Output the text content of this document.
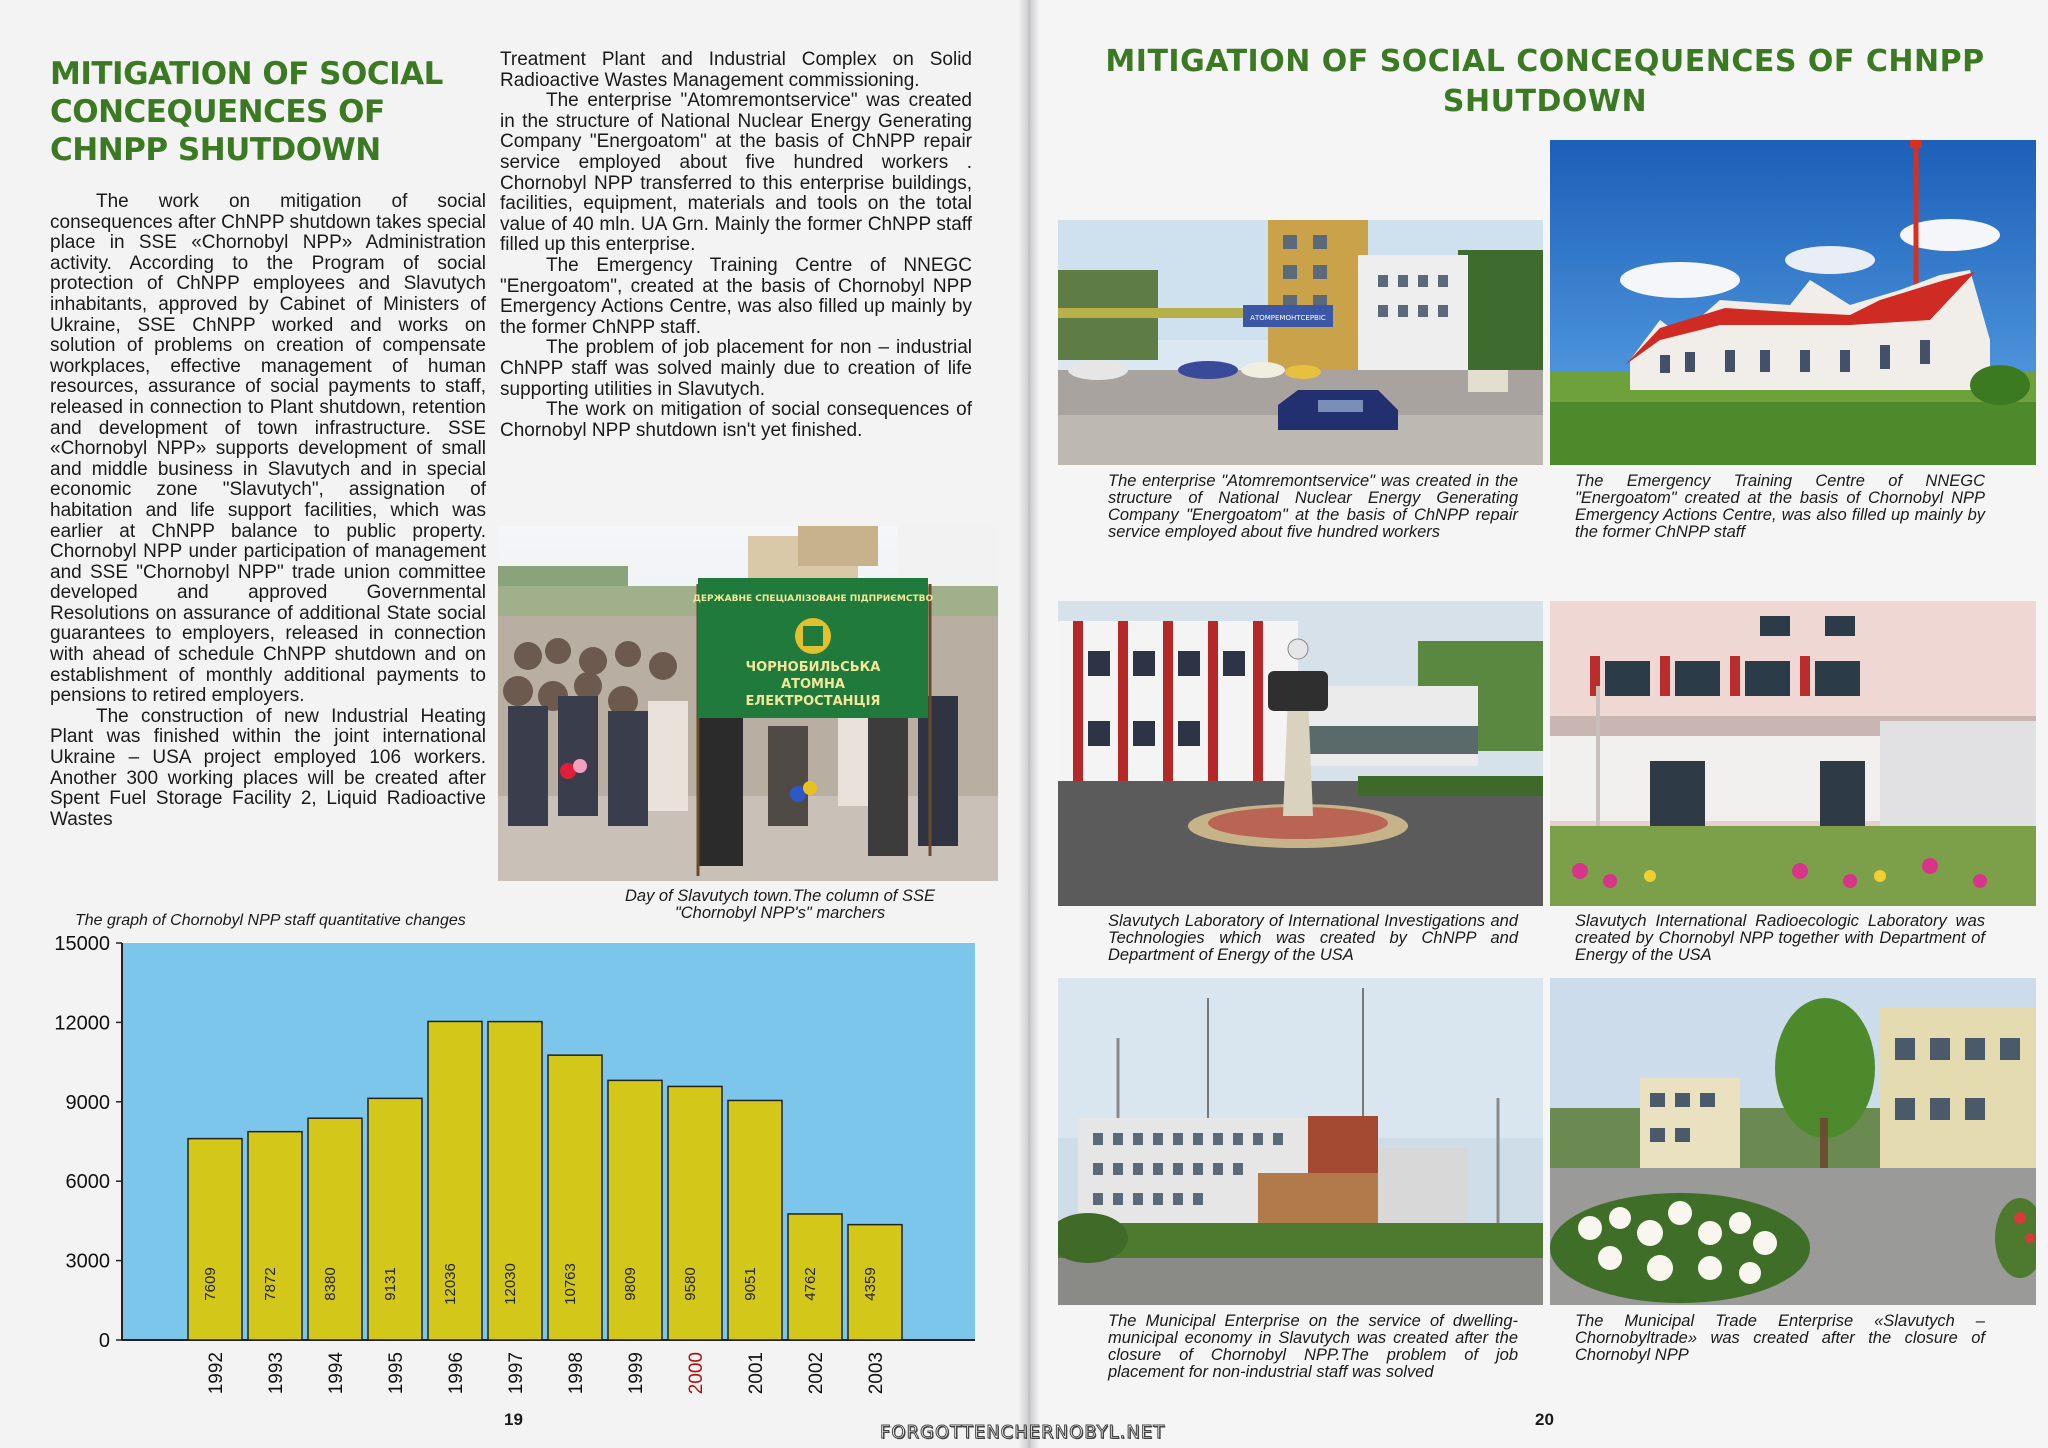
MITIGATION OF SOCIAL CONCEQUENCES OF CHNPP SHUTDOWN

The work on mitigation of social consequences after ChNPP shutdown takes special place in SSE «Chornobyl NPP» Administration activity. According to the Program of social protection of ChNPP employees and Slavutych inhabitants, approved by Cabinet of Ministers of Ukraine, SSE ChNPP worked and works on solution of problems on creation of compensate workplaces, effective management of human resources, assurance of social payments to staff, released in connection to Plant shutdown, retention and development of town infrastructure. SSE «Chornobyl NPP» supports development of small and middle business in Slavutych and in special economic zone "Slavutych", assignation of habitation and life support facilities, which was earlier at ChNPP balance to public property. Chornobyl NPP under participation of management and SSE "Chornobyl NPP" trade union committee developed and approved Governmental Resolutions on assurance of additional State social guarantees to employers, released in connection with ahead of schedule ChNPP shutdown and on establishment of monthly additional payments to pensions to retired employers.

The construction of new Industrial Heating Plant was finished within the joint international Ukraine – USA project employed 106 workers. Another 300 working places will be created after Spent Fuel Storage Facility 2, Liquid Radioactive Wastes

Treatment Plant and Industrial Complex on Solid Radioactive Wastes Management commissioning.

The enterprise "Atomremontservice" was created in the structure of National Nuclear Energy Generating Company "Energoatom" at the basis of ChNPP repair service employed about five hundred workers . Chornobyl NPP transferred to this enterprise buildings, facilities, equipment, materials and tools on the total value of 40 mln. UA Grn. Mainly the former ChNPP staff filled up this enterprise.

The Emergency Training Centre of NNEGC "Energoatom", created at the basis of Chornobyl NPP Emergency Actions Centre, was also filled up mainly by the former ChNPP staff.

The problem of job placement for non – industrial ChNPP staff was solved mainly due to creation of life supporting utilities in Slavutych.

The work on mitigation of social consequences of Chornobyl NPP shutdown isn't yet finished.

ДЕРЖАВНЕ СПЕЦІАЛІЗОВАНЕ ПІДПРИЄМСТВО
ЧОРНОБИЛЬСЬКА
АТОМНА
ЕЛЕКТРОСТАНЦІЯ
Day of Slavutych town.The column of SSE "Chornobyl NPP's" marchers
The graph of Chornobyl NPP staff quantitative changes
15000
12000
9000
6000
3000
0
7609
1992
7872
1993
8380
1994
9131
1995
12036
1996
12030
1997
10763
1998
9809
1999
9580
2000
9051
2001
4762
2002
4359
2003
19
MITIGATION OF SOCIAL CONCEQUENCES OF CHNPP SHUTDOWN
АТОМРЕМОНТСЕРВІС
The enterprise "Atomremontservice" was created in the structure of National Nuclear Energy Generating Company "Energoatom" at the basis of ChNPP repair service employed about five hundred workers
The Emergency Training Centre of NNEGC "Energoatom" created at the basis of Chornobyl NPP Emergency Actions Centre, was also filled up mainly by the former ChNPP staff
Slavutych Laboratory of International Investigations and Technologies which was created by ChNPP and Department of Energy of the USA
Slavutych International Radioecologic Laboratory was created by Chornobyl NPP together with Department of Energy of the USA
The Municipal Enterprise on the service of dwelling-municipal economy in Slavutych was created after the closure of Chornobyl NPP.The problem of job placement for non-industrial staff was solved
The Municipal Trade Enterprise «Slavutych – Chornobyltrade» was created after the closure of Chornobyl NPP
20
FORGOTTENCHERNOBYL.NET
